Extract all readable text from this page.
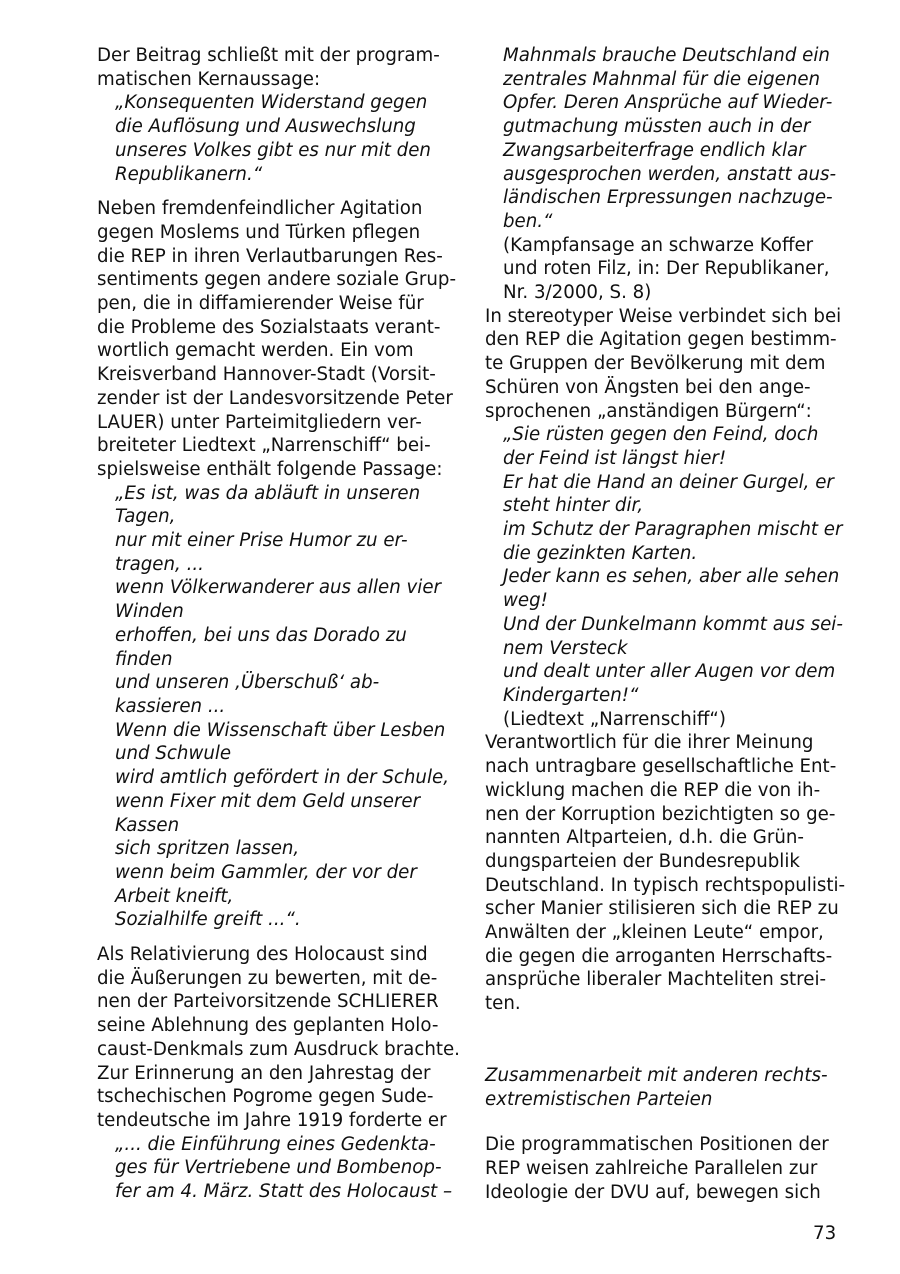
Der Beitrag schließt mit der program-
matischen Kernaussage:
„Konsequenten Widerstand gegen
die Auflösung und Auswechslung
unseres Volkes gibt es nur mit den
Republikanern.“
Neben fremdenfeindlicher Agitation
gegen Moslems und Türken pflegen
die REP in ihren Verlautbarungen Res-
sentiments gegen andere soziale Grup-
pen, die in diffamierender Weise für
die Probleme des Sozialstaats verant-
wortlich gemacht werden. Ein vom
Kreisverband Hannover-Stadt (Vorsit-
zender ist der Landesvorsitzende Peter
LAUER) unter Parteimitgliedern ver-
breiteter Liedtext „Narrenschiff“ bei-
spielsweise enthält folgende Passage:
„Es ist, was da abläuft in unseren
Tagen,
nur mit einer Prise Humor zu er-
tragen, ...
wenn Völkerwanderer aus allen vier
Winden
erhoffen, bei uns das Dorado zu
finden
und unseren ‚Überschuß‘ ab-
kassieren ...
Wenn die Wissenschaft über Lesben
und Schwule
wird amtlich gefördert in der Schule,
wenn Fixer mit dem Geld unserer
Kassen
sich spritzen lassen,
wenn beim Gammler, der vor der
Arbeit kneift,
Sozialhilfe greift ...“.
Als Relativierung des Holocaust sind
die Äußerungen zu bewerten, mit de-
nen der Parteivorsitzende SCHLIERER
seine Ablehnung des geplanten Holo-
caust-Denkmals zum Ausdruck brachte.
Zur Erinnerung an den Jahrestag der
tschechischen Pogrome gegen Sude-
tendeutsche im Jahre 1919 forderte er
„... die Einführung eines Gedenkta-
ges für Vertriebene und Bombenop-
fer am 4. März. Statt des Holocaust –
Mahnmals brauche Deutschland ein
zentrales Mahnmal für die eigenen
Opfer. Deren Ansprüche auf Wieder-
gutmachung müssten auch in der
Zwangsarbeiterfrage endlich klar
ausgesprochen werden, anstatt aus-
ländischen Erpressungen nachzuge-
ben.“
(Kampfansage an schwarze Koffer
und roten Filz, in: Der Republikaner,
Nr. 3/2000, S. 8)
In stereotyper Weise verbindet sich bei
den REP die Agitation gegen bestimm-
te Gruppen der Bevölkerung mit dem
Schüren von Ängsten bei den ange-
sprochenen „anständigen Bürgern“:
„Sie rüsten gegen den Feind, doch
der Feind ist längst hier!
Er hat die Hand an deiner Gurgel, er
steht hinter dir,
im Schutz der Paragraphen mischt er
die gezinkten Karten.
Jeder kann es sehen, aber alle sehen
weg!
Und der Dunkelmann kommt aus sei-
nem Versteck
und dealt unter aller Augen vor dem
Kindergarten!“
(Liedtext „Narrenschiff“)
Verantwortlich für die ihrer Meinung
nach untragbare gesellschaftliche Ent-
wicklung machen die REP die von ih-
nen der Korruption bezichtigten so ge-
nannten Altparteien, d.h. die Grün-
dungsparteien der Bundesrepublik
Deutschland. In typisch rechtspopulisti-
scher Manier stilisieren sich die REP zu
Anwälten der „kleinen Leute“ empor,
die gegen die arroganten Herrschafts-
ansprüche liberaler Machteliten strei-
ten.
Zusammenarbeit mit anderen rechts-
extremistischen Parteien
Die programmatischen Positionen der
REP weisen zahlreiche Parallelen zur
Ideologie der DVU auf, bewegen sich
73
